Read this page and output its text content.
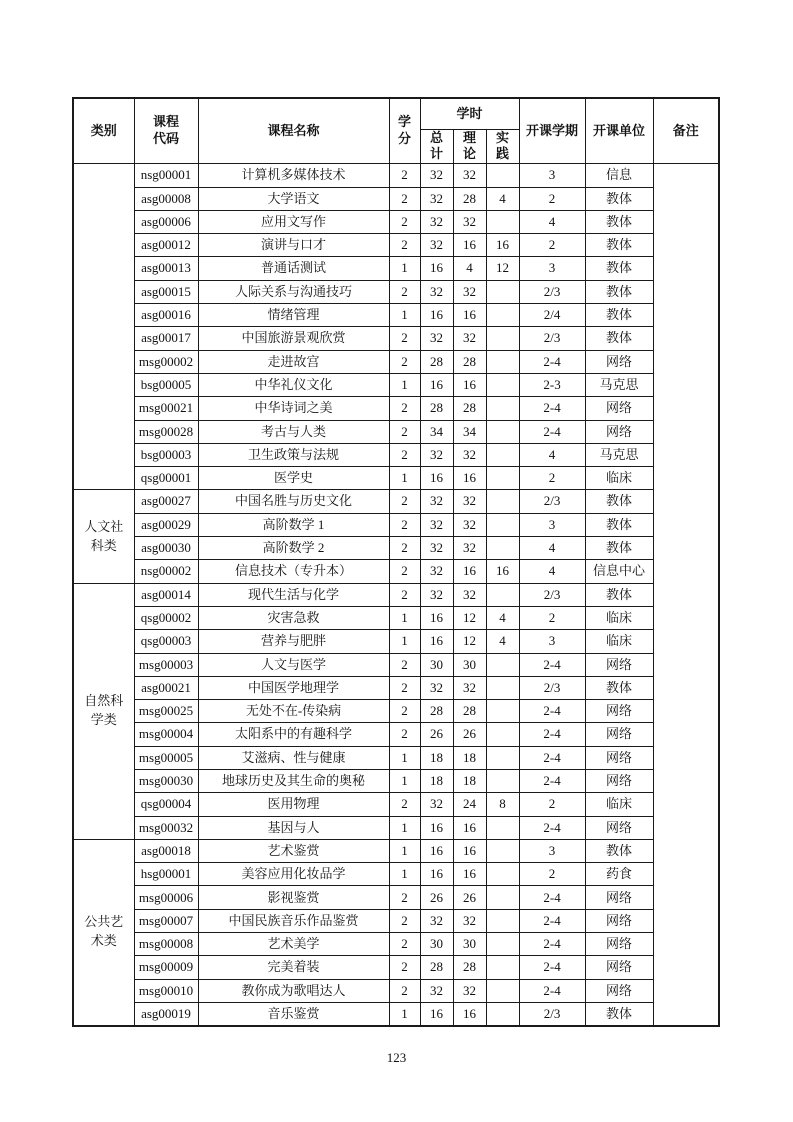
类别	课程代码	课程名称	学分	学时			开课学期	开课单位	备注
				总计	理论	实践			
	nsg00001	计算机多媒体技术	2	32	32		3	信息	
	asg00008	大学语文	2	32	28	4	2	教体	
	asg00006	应用文写作	2	32	32		4	教体	
	asg00012	演讲与口才	2	32	16	16	2	教体	
	asg00013	普通话测试	1	16	4	12	3	教体	
	asg00015	人际关系与沟通技巧	2	32	32		2/3	教体	
	asg00016	情绪管理	1	16	16		2/4	教体	
	asg00017	中国旅游景观欣赏	2	32	32		2/3	教体	
	msg00002	走进故宫	2	28	28		2-4	网络	
	bsg00005	中华礼仪文化	1	16	16		2-3	马克思	
	msg00021	中华诗词之美	2	28	28		2-4	网络	
	msg00028	考古与人类	2	34	34		2-4	网络	
	bsg00003	卫生政策与法规	2	32	32		4	马克思	
	qsg00001	医学史	1	16	16		2	临床	
人文社科类	asg00027	中国名胜与历史文化	2	32	32		2/3	教体	
	asg00029	高阶数学 1	2	32	32		3	教体	
	asg00030	高阶数学 2	2	32	32		4	教体	
	nsg00002	信息技术（专升本）	2	32	16	16	4	信息中心	
自然科学类	asg00014	现代生活与化学	2	32	32		2/3	教体	
	qsg00002	灾害急救	1	16	12	4	2	临床	
	qsg00003	营养与肥胖	1	16	12	4	3	临床	
	msg00003	人文与医学	2	30	30		2-4	网络	
	asg00021	中国医学地理学	2	32	32		2/3	教体	
	msg00025	无处不在-传染病	2	28	28		2-4	网络	
	msg00004	太阳系中的有趣科学	2	26	26		2-4	网络	
	msg00005	艾滋病、性与健康	1	18	18		2-4	网络	
	msg00030	地球历史及其生命的奥秘	1	18	18		2-4	网络	
	qsg00004	医用物理	2	32	24	8	2	临床	
	msg00032	基因与人	1	16	16		2-4	网络	
公共艺术类	asg00018	艺术鉴赏	1	16	16		3	教体	
	hsg00001	美容应用化妆品学	1	16	16		2	药食	
	msg00006	影视鉴赏	2	26	26		2-4	网络	
	msg00007	中国民族音乐作品鉴赏	2	32	32		2-4	网络	
	msg00008	艺术美学	2	30	30		2-4	网络	
	msg00009	完美着装	2	28	28		2-4	网络	
	msg00010	教你成为歌唱达人	2	32	32		2-4	网络	
	asg00019	音乐鉴赏	1	16	16		2/3	教体	
123
